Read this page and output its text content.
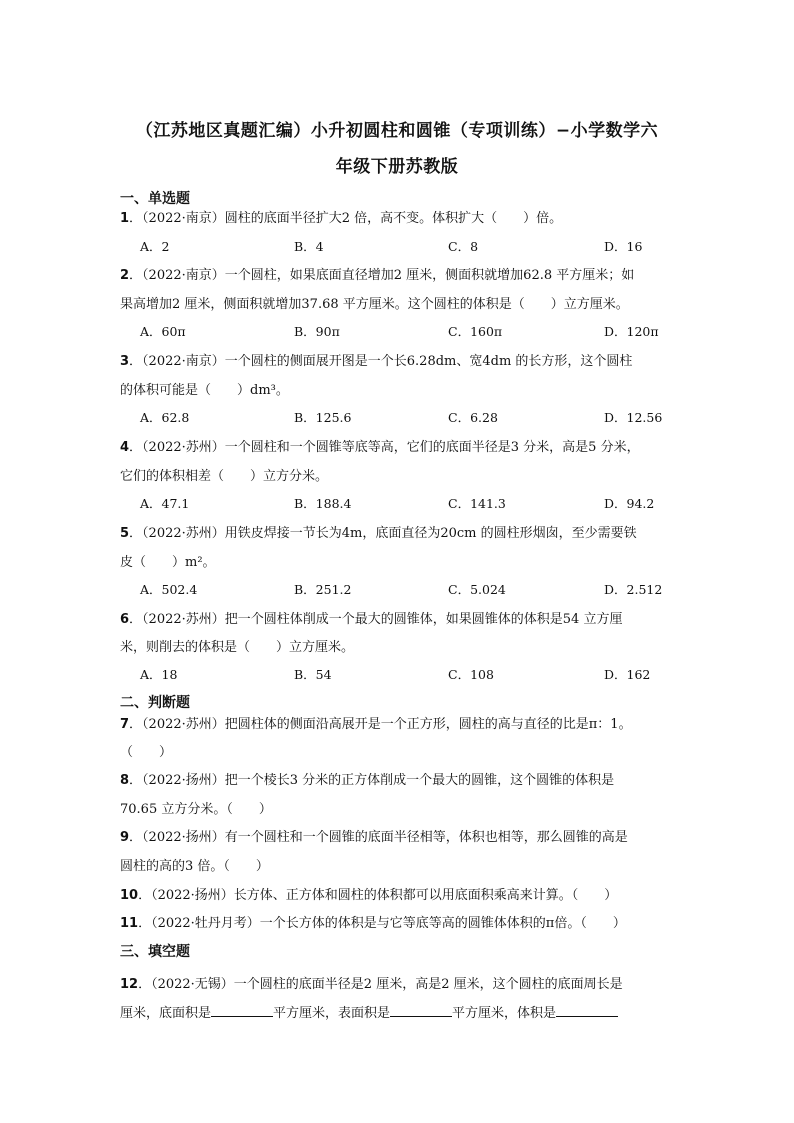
（江苏地区真题汇编）小升初圆柱和圆锥（专项训练）−小学数学六
年级下册苏教版
一、单选题
1．（2022·南京）圆柱的底面半径扩大2 倍，高不变。体积扩大（　　）倍。
A．2	B．4	C．8	D．16
2．（2022·南京）一个圆柱，如果底面直径增加2 厘米，侧面积就增加62.8 平方厘米；如
果高增加2 厘米，侧面积就增加37.68 平方厘米。这个圆柱的体积是（　　）立方厘米。
A．60π	B．90π	C．160π	D．120π
3．（2022·南京）一个圆柱的侧面展开图是一个长6.28dm、宽4dm 的长方形，这个圆柱
的体积可能是（　　）dm³。
A．62.8	B．125.6	C．6.28	D．12.56
4．（2022·苏州）一个圆柱和一个圆锥等底等高，它们的底面半径是3 分米，高是5 分米，
它们的体积相差（　　）立方分米。
A．47.1	B．188.4	C．141.3	D．94.2
5．（2022·苏州）用铁皮焊接一节长为4m，底面直径为20cm 的圆柱形烟囱，至少需要铁
皮（　　）m²。
A．502.4	B．251.2	C．5.024	D．2.512
6．（2022·苏州）把一个圆柱体削成一个最大的圆锥体，如果圆锥体的体积是54 立方厘
米，则削去的体积是（　　）立方厘米。
A．18	B．54	C．108	D．162
二、判断题
7．（2022·苏州）把圆柱体的侧面沿高展开是一个正方形，圆柱的高与直径的比是π：1。
（　　）
8．（2022·扬州）把一个棱长3 分米的正方体削成一个最大的圆锥，这个圆锥的体积是
70.65 立方分米。（　　）
9．（2022·扬州）有一个圆柱和一个圆锥的底面半径相等，体积也相等，那么圆锥的高是
圆柱的高的3 倍。（　　）
10．（2022·扬州）长方体、正方体和圆柱的体积都可以用底面积乘高来计算。（　　）
11．（2022·牡丹月考）一个长方体的体积是与它等底等高的圆锥体体积的π倍。（　　）
三、填空题
12．（2022·无锡）一个圆柱的底面半径是2 厘米，高是2 厘米，这个圆柱的底面周长是
厘米，底面积是	平方厘米，表面积是	平方厘米，体积是
